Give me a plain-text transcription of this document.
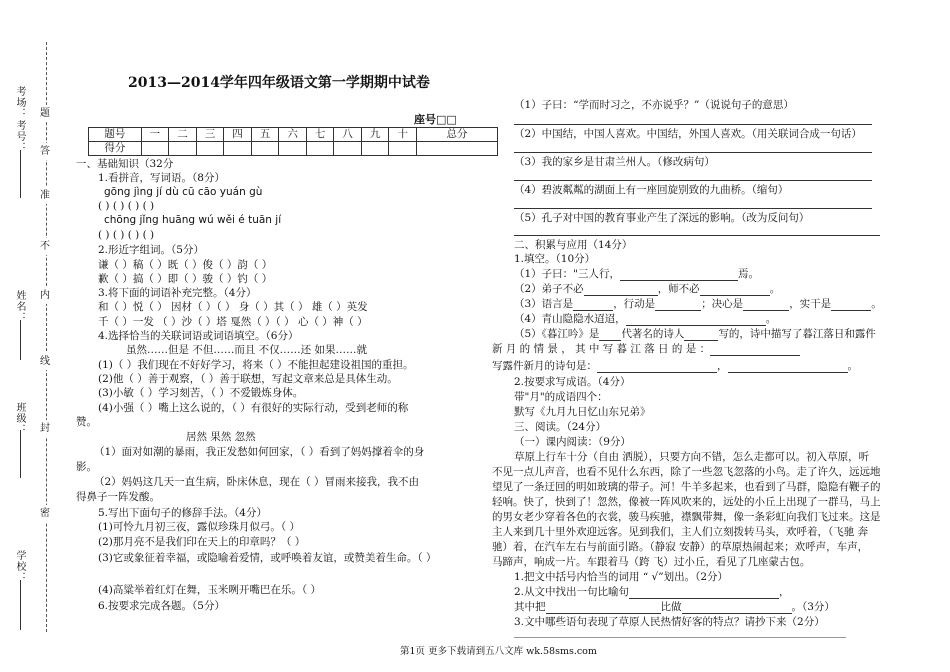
考场：
考号：
姓名：
班级：
学校：
题
答
准
不
内
线
封
密
2013—2014学年四年级语文第一学期期中试卷
座号□□
题号	一	二	三	四	五	六	七	八	九	十	总分
得分											
一、基础知识（32分
1.看拼音，写词语。（8分）
gōng jìng jí dù cū cāo yuán gù
( ) ( ) ( ) ( )
chōng jǐng huāng wú wěi é tuān jí
( ) ( ) ( ) ( )
2.形近字组词。（5分）
谦（ ）稿（ ）既（ ）俊（ ）韵（ ）
歉（ ）搞（ ）即（ ）骏（ ）钓（ ）
3.将下面的词语补充完整。（4分）
和（ ）悦（ ） 因材（ ）（ ） 身（ ）其（ ） 雄（ ）英发
千（ ）一发 （ ）沙（ ）塔 戛然（ ）（ ） 心（ ）神（ ）
4.选择恰当的关联词语或词语填空。（6分）
虽然……但是 不但……而且 不仅……还 如果……就
(1)（ ）我们现在不好好学习，将来（ ）不能担起建设祖国的重担。
(2)他（ ）善于观察，（ ）善于联想，写起文章来总是具体生动。
(3)小敏（ ）学习刻苦，（ ）不爱锻炼身体。
(4)小强（ ）嘴上这么说的，（ ）有很好的实际行动，受到老师的称
赞。
居然 果然 忽然
（1）面对如潮的暴雨，我正发愁如何回家，（ ）看到了妈妈撑着伞的身
影。
（2）妈妈这几天一直生病，卧床休息，现在（ ）冒雨来接我，我不由
得鼻子一阵发酸。
5.写出下面句子的修辞手法。（4分）
(1)可怜九月初三夜，露似珍珠月似弓。（ ）
(2)那月亮不是我们印在天上的印章吗？（ ）
(3)它或象征着幸福，或隐喻着爱情，或呼唤着友谊，或赞美着生命。（ ）
(4)高粱举着红灯在舞，玉米咧开嘴巴在乐。（ ）
6.按要求完成各题。（5分）
（1）子曰：“学而时习之，不亦说乎？”（说说句子的意思）
（2）中国结，中国人喜欢。中国结，外国人喜欢。（用关联词合成一句话）
（3）我的家乡是甘肃兰州人。（修改病句）
（4）碧波粼粼的湖面上有一座回旋别致的九曲桥。（缩句）
（5）孔子对中国的教育事业产生了深远的影响。（改为反问句）
二、积累与应用（14分）
1.填空。（10分）
（1）子曰："三人行，	焉。
（2）弟子不必	，师不必	。
（3）语言是	，行动是	；决心是	，实干是	。
（4）青山隐隐水迢迢，	。
（5）《暮江吟》是 代著名的诗人	写的，诗中描写了暮江落日和露件
新 月 的 情 景 ， 其 中 写 暮 江 落 日 的 是 ：
写露件新月的诗句是：	，	。
2.按要求写成语。（4分）
带"月"的成语四个：
默写《九月九日忆山东兄弟》
三、阅读。（24分）
（一）课内阅读：（9分）
草原上行车十分（自由 洒脱），只要方向不错，怎么走都可以。初入草原，听
不见一点儿声音，也看不见什么东西，除了一些忽飞忽落的小鸟。走了许久，远远地
望见了一条迂回的明如玻璃的带子。河！牛羊多起来，也看到了马群，隐隐有鞭子的
轻响。快了，快到了！忽然，像被一阵风吹来的，远处的小丘上出现了一群马，马上
的男女老少穿着各色的衣裳，骏马疾驰，襟飘带舞，像一条彩虹向我们飞过来。这是
主人来到几十里外欢迎远客。见到我们，主人们立刻拨转马头，欢呼着，（飞驰 奔
驰）着，在汽车左右与前面引路。（静寂 安静）的草原热闹起来；欢呼声，车声，
马蹄声，响成一片。车跟着马（跨 飞）过小丘，看见了几座蒙古包。
1.把文中括号内恰当的词用 “ √”划出。（2分）
2.从文中找出一句比喻句	，
其中把	比做	。（3分）
3.文中哪些语句表现了草原人民热情好客的特点？请抄下来（2分）
第1页 更多下载请到五八文库 wk.58sms.com
